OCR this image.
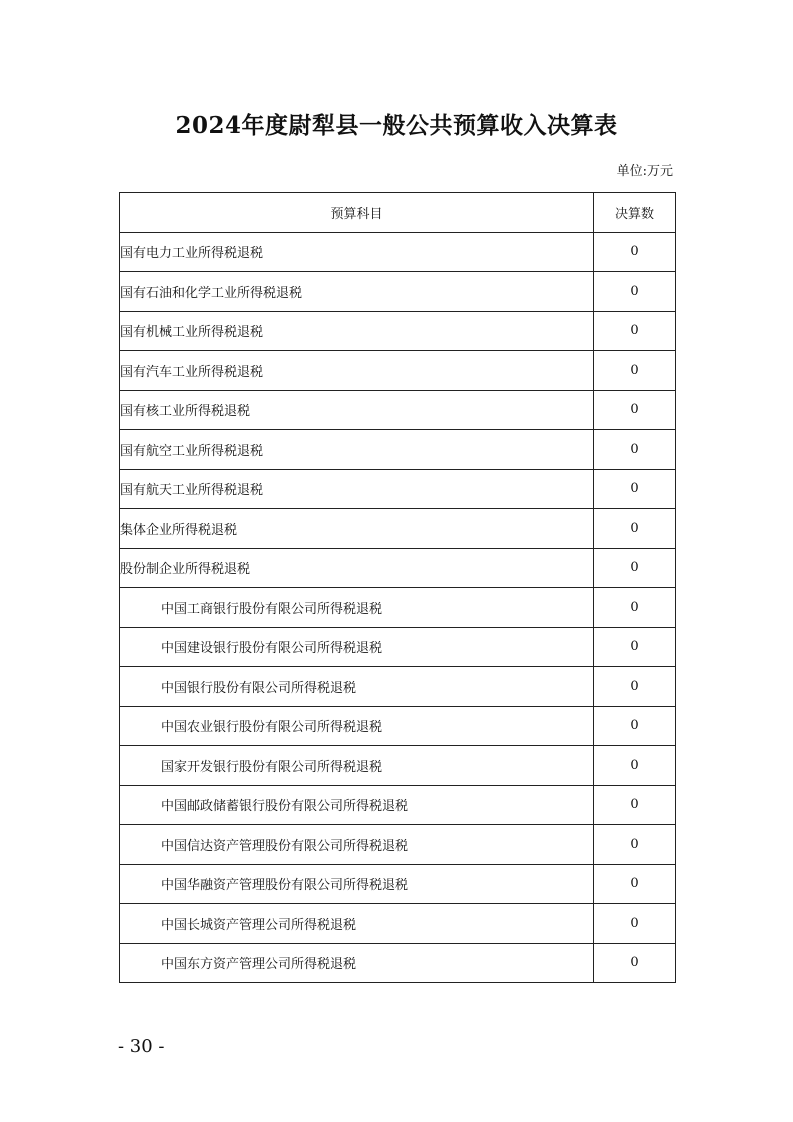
2024年度尉犁县一般公共预算收入决算表
单位:万元
预算科目	决算数
国有电力工业所得税退税	0
国有石油和化学工业所得税退税	0
国有机械工业所得税退税	0
国有汽车工业所得税退税	0
国有核工业所得税退税	0
国有航空工业所得税退税	0
国有航天工业所得税退税	0
集体企业所得税退税	0
股份制企业所得税退税	0
中国工商银行股份有限公司所得税退税	0
中国建设银行股份有限公司所得税退税	0
中国银行股份有限公司所得税退税	0
中国农业银行股份有限公司所得税退税	0
国家开发银行股份有限公司所得税退税	0
中国邮政储蓄银行股份有限公司所得税退税	0
中国信达资产管理股份有限公司所得税退税	0
中国华融资产管理股份有限公司所得税退税	0
中国长城资产管理公司所得税退税	0
中国东方资产管理公司所得税退税	0
- 30 -
